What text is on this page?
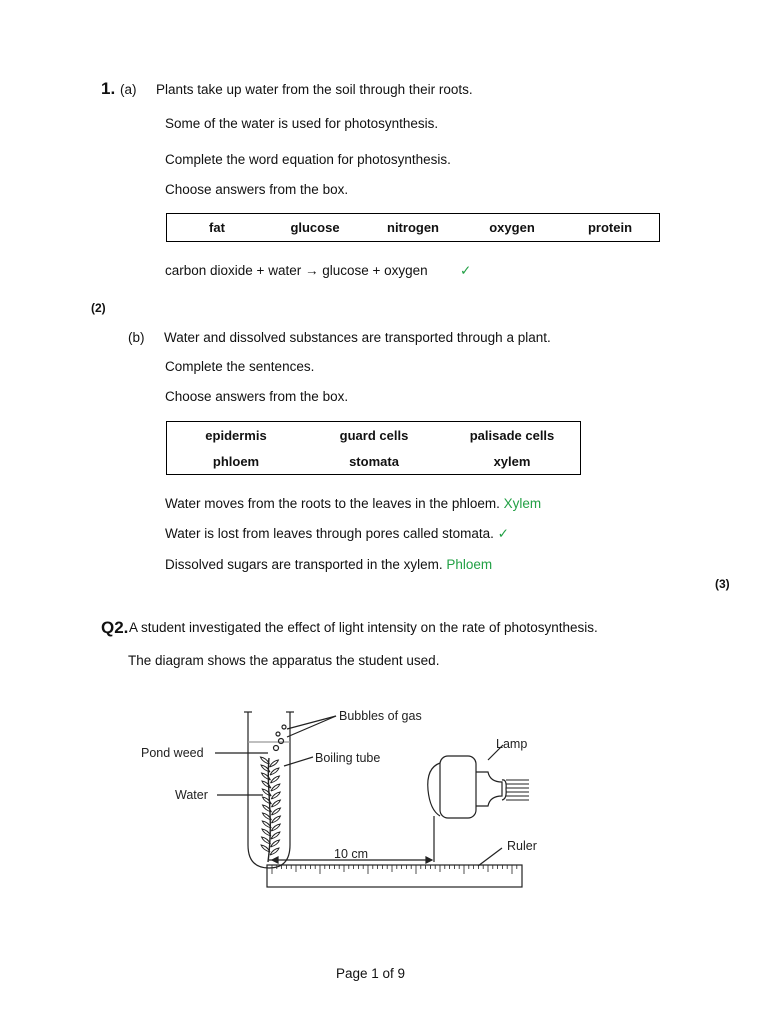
1. (a) Plants take up water from the soil through their roots.
Some of the water is used for photosynthesis.
Complete the word equation for photosynthesis.
Choose answers from the box.
fat	glucose	nitrogen	oxygen	protein
carbon dioxide + water → glucose + oxygen ✓
(2)
(b) Water and dissolved substances are transported through a plant.
Complete the sentences.
Choose answers from the box.
epidermis	guard cells	palisade cells
phloem	stomata	xylem
Water moves from the roots to the leaves in the phloem. Xylem
Water is lost from leaves through pores called stomata. ✓
Dissolved sugars are transported in the xylem. Phloem
(3)
Q2. A student investigated the effect of light intensity on the rate of photosynthesis.
The diagram shows the apparatus the student used.
Bubbles of gas
Pond weed	Boiling tube
Water
Lamp
10 cm
Ruler
Page 1 of 9
